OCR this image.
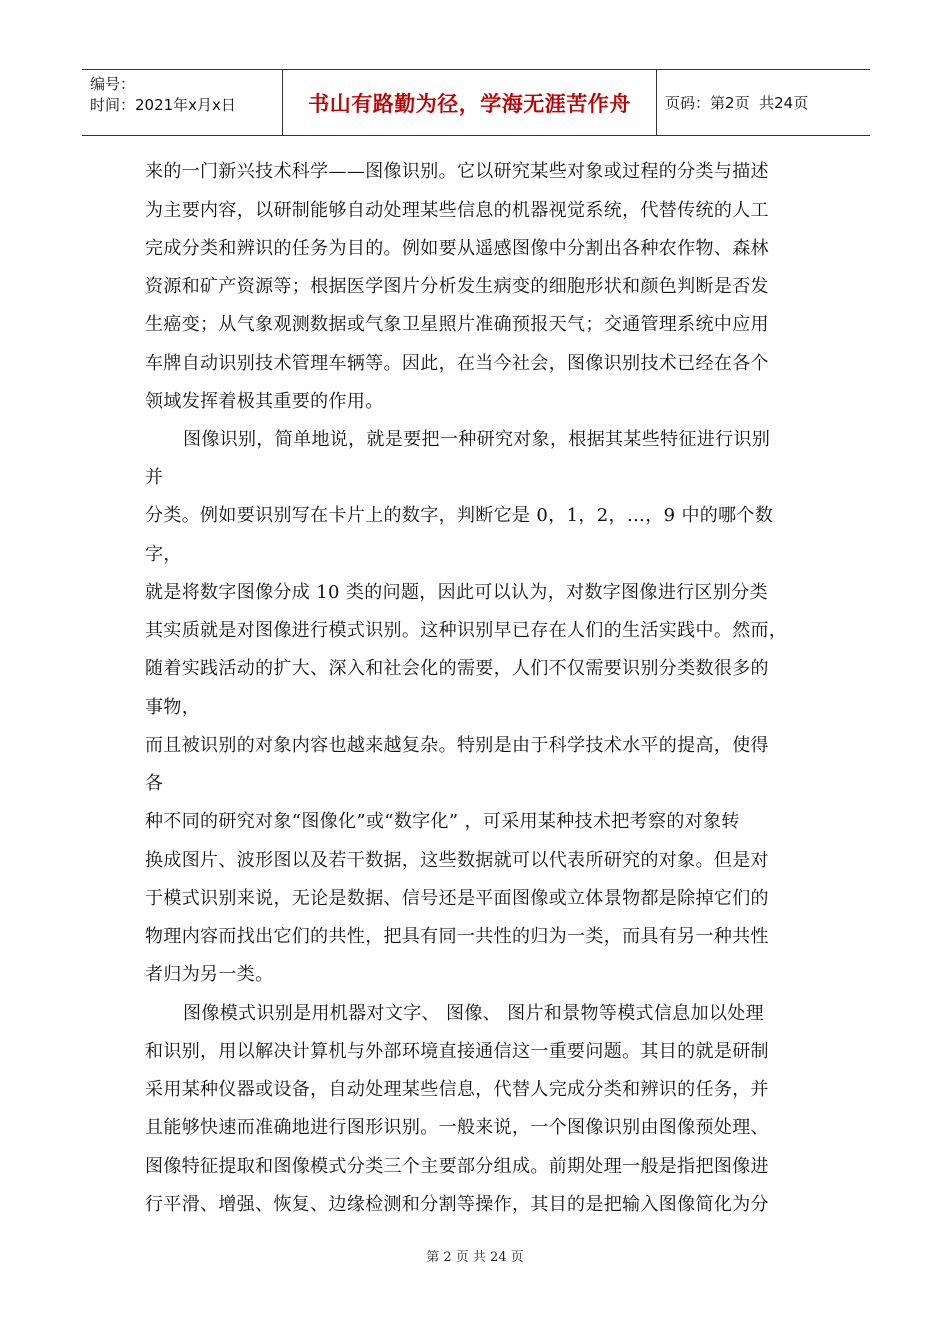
编号：
时间：2021年x月x日	书山有路勤为径，学海无涯苦作舟 页码：第 2 页  共 24 页
来的一门新兴技术科学——图像识别。它以研究某些对象或过程的分类与描述
为主要内容，以研制能够自动处理某些信息的机器视觉系统，代替传统的人工
完成分类和辨识的任务为目的。例如要从遥感图像中分割出各种农作物、森林
资源和矿产资源等；根据医学图片分析发生病变的细胞形状和颜色判断是否发
生癌变；从气象观测数据或气象卫星照片准确预报天气；交通管理系统中应用
车牌自动识别技术管理车辆等。因此，在当今社会，图像识别技术已经在各个
领域发挥着极其重要的作用。
图像识别，简单地说，就是要把一种研究对象，根据其某些特征进行识别
并
分类。例如要识别写在卡片上的数字，判断它是 0，1，2，…，9 中的哪个数
字，
就是将数字图像分成 10 类的问题，因此可以认为，对数字图像进行区别分类
其实质就是对图像进行模式识别。这种识别早已存在人们的生活实践中。然而，
随着实践活动的扩大、深入和社会化的需要，人们不仅需要识别分类数很多的
事物，
而且被识别的对象内容也越来越复杂。特别是由于科学技术水平的提高，使得
各
种不同的研究对象“图像化”或“数字化” ，可采用某种技术把考察的对象转
换成图片、波形图以及若干数据，这些数据就可以代表所研究的对象。但是对
于模式识别来说，无论是数据、信号还是平面图像或立体景物都是除掉它们的
物理内容而找出它们的共性，把具有同一共性的归为一类，而具有另一种共性
者归为另一类。
图像模式识别是用机器对文字、 图像、 图片和景物等模式信息加以处理
和识别，用以解决计算机与外部环境直接通信这一重要问题。其目的就是研制
采用某种仪器或设备，自动处理某些信息，代替人完成分类和辨识的任务，并
且能够快速而准确地进行图形识别。一般来说，一个图像识别由图像预处理、
图像特征提取和图像模式分类三个主要部分组成。前期处理一般是指把图像进
行平滑、增强、恢复、边缘检测和分割等操作，其目的是把输入图像简化为分
第 2 页 共 24 页
